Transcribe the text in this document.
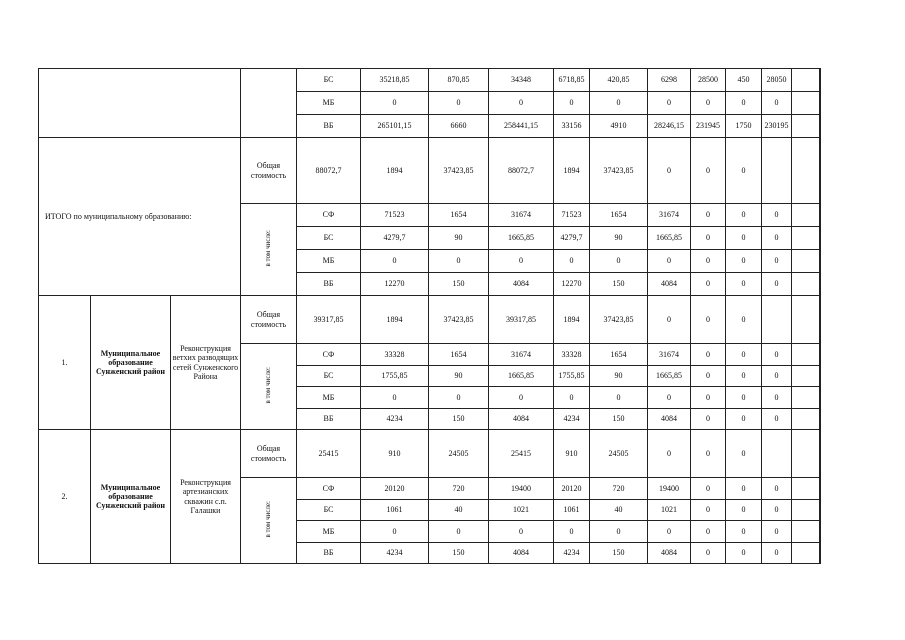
				БС	35218,85	870,85	34348	6718,85	420,85	6298	28500	450	28050		
				МБ	0	0	0	0	0	0	0	0	0		
				ВБ	265101,15	6660	258441,15	33156	4910	28246,15	231945	1750	230195		
ИТОГО по муниципальному образованию:			Общая стоимость	88072,7	1894	37423,85	88072,7	1894	37423,85	0	0	0			
			в том числе:	СФ	71523	1654	31674	71523	1654	31674	0	0	0		
				БС	4279,7	90	1665,85	4279,7	90	1665,85	0	0	0		
				МБ	0	0	0	0	0	0	0	0	0		
				ВБ	12270	150	4084	12270	150	4084	0	0	0		
1.	Муниципальное образование Сунженский район	Реконструкция ветхих разводящих сетей Сунженского Района	Общая стоимость	39317,85	1894	37423,85	39317,85	1894	37423,85	0	0	0			
			в том числе:	СФ	33328	1654	31674	33328	1654	31674	0	0	0		
				БС	1755,85	90	1665,85	1755,85	90	1665,85	0	0	0		
				МБ	0	0	0	0	0	0	0	0	0		
				ВБ	4234	150	4084	4234	150	4084	0	0	0		
2.	Муниципальное образование Сунженский район	Реконструкция артезианских скважин с.п. Галашки	Общая стоимость	25415	910	24505	25415	910	24505	0	0	0			
			в том числе:	СФ	20120	720	19400	20120	720	19400	0	0	0		
				БС	1061	40	1021	1061	40	1021	0	0	0		
				МБ	0	0	0	0	0	0	0	0	0		
				ВБ	4234	150	4084	4234	150	4084	0	0	0		
